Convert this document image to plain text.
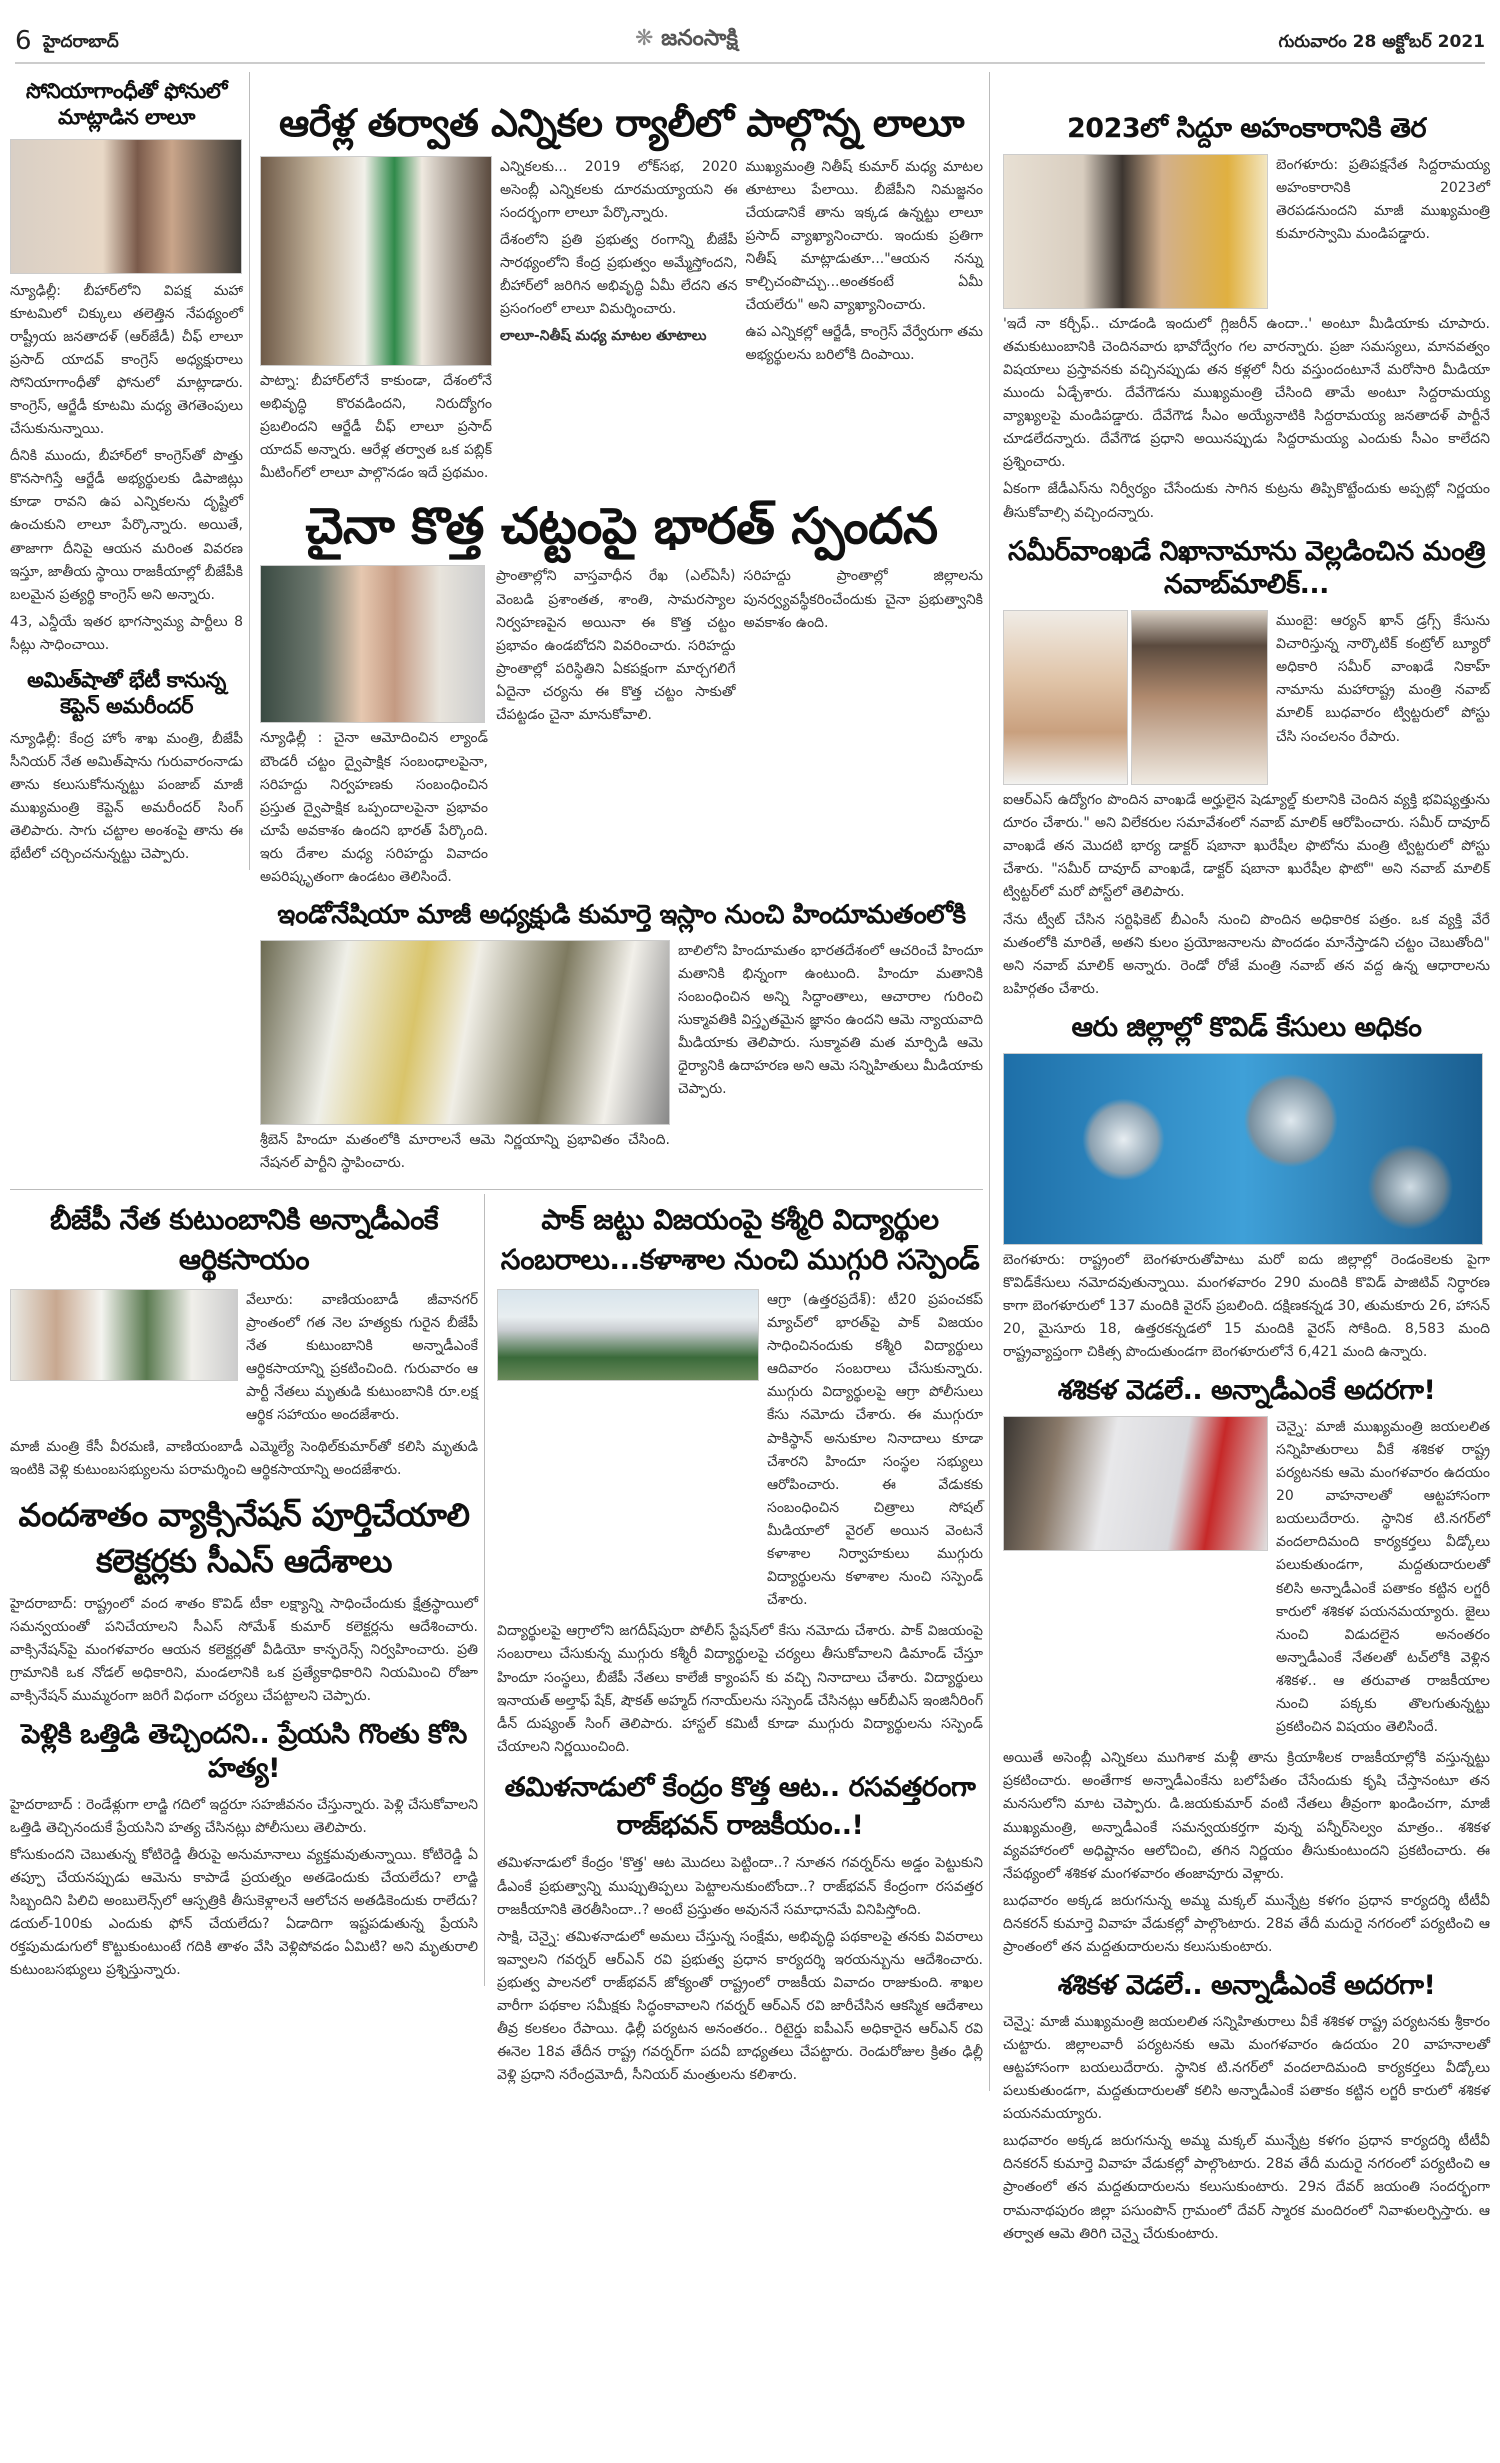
6 హైదరాబాద్	❋ జనంసాక్షి	గురువారం 28 అక్టోబర్ 2021
సోనియాగాంధీతో ఫోనులో మాట్లాడిన లాలూ

న్యూఢిల్లీ: బీహార్‌లోని విపక్ష మహా కూటమిలో చిక్కులు తలెత్తిన నేపథ్యంలో రాష్ట్రీయ జనతాదళ్ (ఆర్‌జేడీ) చీఫ్ లాలూ ప్రసాద్ యాదవ్ కాంగ్రెస్ అధ్యక్షురాలు సోనియాగాంధీతో ఫోనులో మాట్లాడారు. కాంగ్రెస్, ఆర్జేడీ కూటమి మధ్య తెగతెంపులు చేసుకునున్నాయి.

దీనికి ముందు, బీహార్‌లో కాంగ్రెస్‌తో పొత్తు కొనసాగిస్తే ఆర్జేడీ అభ్యర్థులకు డిపాజిట్లు కూడా రావని ఉప ఎన్నికలను దృష్టిలో ఉంచుకుని లాలూ పేర్కొన్నారు. అయితే, తాజాగా దీనిపై ఆయన మరింత వివరణ ఇస్తూ, జాతీయ స్థాయి రాజకీయాల్లో బీజేపీకి బలమైన ప్రత్యర్థి కాంగ్రెస్ అని అన్నారు.

43, ఎన్డీయే ఇతర భాగస్వామ్య పార్టీలు 8 సీట్లు సాధించాయి.

అమిత్‌షాతో భేటీ కానున్న కెప్టెన్ అమరీందర్

న్యూఢిల్లీ: కేంద్ర హోం శాఖ మంత్రి, బీజేపీ సీనియర్ నేత అమిత్‌షాను గురువారంనాడు తాను కలుసుకోనున్నట్టు పంజాబ్ మాజీ ముఖ్యమంత్రి కెప్టెన్ అమరీందర్ సింగ్ తెలిపారు. సాగు చట్టాల అంశంపై తాను ఈ భేటీలో చర్చించనున్నట్టు చెప్పారు.

ఆరేళ్ల తర్వాత ఎన్నికల ర్యాలీలో పాల్గొన్న లాలూ

పాట్నా: బీహార్‌లోనే కాకుండా, దేశంలోనే అభివృద్ధి కొరవడిందని, నిరుద్యోగం ప్రబలిందని ఆర్జేడీ చీఫ్ లాలూ ప్రసాద్ యాదవ్ అన్నారు. ఆరేళ్ల తర్వాత ఒక పబ్లిక్ మీటింగ్‌లో లాలూ పాల్గొనడం ఇదే ప్రథమం.

ఎన్నికలకు... 2019 లోక్‌సభ, 2020 అసెంబ్లీ ఎన్నికలకు దూరమయ్యాయని ఈ సందర్భంగా లాలూ పేర్కొన్నారు.

దేశంలోని ప్రతి ప్రభుత్వ రంగాన్ని బీజేపీ సారథ్యంలోని కేంద్ర ప్రభుత్వం అమ్మేస్తోందని, బీహార్‌లో జరిగిన అభివృద్ధి ఏమీ లేదని తన ప్రసంగంలో లాలూ విమర్శించారు.

లాలూ-నితీష్ మధ్య మాటల తూటాలు

ముఖ్యమంత్రి నితీష్ కుమార్ మధ్య మాటల తూటాలు పేలాయి. బీజేపీని నిమజ్జనం చేయడానికే తాను ఇక్కడ ఉన్నట్టు లాలూ ప్రసాద్ వ్యాఖ్యానించారు. ఇందుకు ప్రతిగా నితీష్ మాట్లాడుతూ..."ఆయన నన్ను కాల్చిచంపొచ్చు...అంతకంటే ఏమీ చేయలేరు" అని వ్యాఖ్యానించారు.

ఉప ఎన్నికల్లో ఆర్జేడీ, కాంగ్రెస్ వేర్వేరుగా తమ అభ్యర్థులను బరిలోకి దింపాయి.

చైనా కొత్త చట్టంపై భారత్ స్పందన

న్యూఢిల్లీ : చైనా ఆమోదించిన ల్యాండ్ బౌండరీ చట్టం ద్వైపాక్షిక సంబంధాలపైనా, సరిహద్దు నిర్వహణకు సంబంధించిన ప్రస్తుత ద్వైపాక్షిక ఒప్పందాలపైనా ప్రభావం చూపే అవకాశం ఉందని భారత్ పేర్కొంది. ఇరు దేశాల మధ్య సరిహద్దు వివాదం అపరిష్కృతంగా ఉండటం తెలిసిందే.

ప్రాంతాల్లోని వాస్తవాధీన రేఖ (ఎల్ఏసీ) వెంబడి ప్రశాంతత, శాంతి, సామరస్యాల నిర్వహణపైన అయినా ఈ కొత్త చట్టం ప్రభావం ఉండబోదని వివరించారు. సరిహద్దు ప్రాంతాల్లో పరిస్థితిని ఏకపక్షంగా మార్చగలిగే ఏదైనా చర్యను ఈ కొత్త చట్టం సాకుతో చేపట్టడం చైనా మానుకోవాలి.

సరిహద్దు ప్రాంతాల్లో జిల్లాలను పునర్వ్యవస్థీకరించేందుకు చైనా ప్రభుత్వానికి అవకాశం ఉంది.

ఇండోనేషియా మాజీ అధ్యక్షుడి కుమార్తె ఇస్లాం నుంచి హిందూమతంలోకి

శ్రీబెన్ హిందూ మతంలోకి మారాలనే ఆమె నిర్ణయాన్ని ప్రభావితం చేసింది. నేషనల్ పార్టీని స్థాపించారు.

బాలిలోని హిందూమతం భారతదేశంలో ఆచరించే హిందూ మతానికి భిన్నంగా ఉంటుంది. హిందూ మతానికి సంబంధించిన అన్ని సిద్ధాంతాలు, ఆచారాల గురించి సుక్మావతికి విస్తృతమైన జ్ఞానం ఉందని ఆమె న్యాయవాది మీడియాకు తెలిపారు. సుక్మావతి మత మార్పిడి ఆమె ధైర్యానికి ఉదాహరణ అని ఆమె సన్నిహితులు మీడియాకు చెప్పారు.

బీజేపీ నేత కుటుంబానికి అన్నాడీఎంకే ఆర్థికసాయం

వేలూరు: వాణియంబాడీ జీవానగర్ ప్రాంతంలో గత నెల హత్యకు గురైన బీజేపీ నేత కుటుంబానికి అన్నాడీఎంకే ఆర్థికసాయాన్ని ప్రకటించింది. గురువారం ఆ పార్టీ నేతలు మృతుడి కుటుంబానికి రూ.లక్ష ఆర్థిక సహాయం అందజేశారు.

మాజీ మంత్రి కేసీ వీరమణి, వాణియంబాడీ ఎమ్మెల్యే సెంథిల్‌కుమార్‌తో కలిసి మృతుడి ఇంటికి వెళ్లి కుటుంబసభ్యులను పరామర్శించి ఆర్థికసాయాన్ని అందజేశారు.

వందశాతం వ్యాక్సినేషన్ పూర్తిచేయాలి కలెక్టర్లకు సీఎస్ ఆదేశాలు

హైదరాబాద్: రాష్ట్రంలో వంద శాతం కొవిడ్ టీకా లక్ష్యాన్ని సాధించేందుకు క్షేత్రస్థాయిలో సమన్వయంతో పనిచేయాలని సీఎస్ సోమేశ్ కుమార్ కలెక్టర్లను ఆదేశించారు. వాక్సినేషన్‌పై మంగళవారం ఆయన కలెక్టర్లతో వీడియో కాన్ఫరెన్స్ నిర్వహించారు. ప్రతి గ్రామానికి ఒక నోడల్ అధికారిని, మండలానికి ఒక ప్రత్యేకాధికారిని నియమించి రోజూ వాక్సినేషన్ ముమ్మరంగా జరిగే విధంగా చర్యలు చేపట్టాలని చెప్పారు.

పెళ్లికి ఒత్తిడి తెచ్చిందని.. ప్రేయసి గొంతు కోసి హత్య!

హైదరాబాద్ : రెండేళ్లుగా లాడ్జి గదిలో ఇద్దరూ సహజీవనం చేస్తున్నారు. పెళ్లి చేసుకోవాలని ఒత్తిడి తెచ్చినందుకే ప్రేయసిని హత్య చేసినట్లు పోలీసులు తెలిపారు.

కోసుకుందని చెబుతున్న కోటిరెడ్డి తీరుపై అనుమానాలు వ్యక్తమవుతున్నాయి. కోటిరెడ్డి ఏ తప్పూ చేయనప్పుడు ఆమెను కాపాడే ప్రయత్నం అతడెందుకు చేయలేదు? లాడ్జి సిబ్బందిని పిలిచి అంబులెన్స్‌లో ఆస్పత్రికి తీసుకెళ్లాలనే ఆలోచన అతడికెందుకు రాలేదు? డయల్-100కు ఎందుకు ఫోన్ చేయలేదు? ఏడాదిగా ఇష్టపడుతున్న ప్రేయసి రక్తపుమడుగులో కొట్టుకుంటుంటే గదికి తాళం వేసి వెళ్లిపోవడం ఏమిటి? అని మృతురాలి కుటుంబసభ్యులు ప్రశ్నిస్తున్నారు.

పాక్ జట్టు విజయంపై కశ్మీరి విద్యార్థుల సంబరాలు...కళాశాల నుంచి ముగ్గురి సస్పెండ్

ఆగ్రా (ఉత్తరప్రదేశ్): టీ20 ప్రపంచకప్ మ్యాచ్‌లో భారత్‌పై పాక్ విజయం సాధించినందుకు కశ్మీరి విద్యార్థులు ఆదివారం సంబరాలు చేసుకున్నారు. ముగ్గురు విద్యార్థులపై ఆగ్రా పోలీసులు కేసు నమోదు చేశారు. ఈ ముగ్గురూ పాకిస్థాన్ అనుకూల నినాదాలు కూడా చేశారని హిందూ సంస్థల సభ్యులు ఆరోపించారు. ఈ వేడుకకు సంబంధించిన చిత్రాలు సోషల్ మీడియాలో వైరల్ అయిన వెంటనే కళాశాల నిర్వాహకులు ముగ్గురు విద్యార్థులను కళాశాల నుంచి సస్పెండ్ చేశారు.

విద్యార్థులపై ఆగ్రాలోని జగదీష్‌పురా పోలీస్ స్టేషన్‌లో కేసు నమోదు చేశారు. పాక్ విజయంపై సంబరాలు చేసుకున్న ముగ్గురు కశ్మీరీ విద్యార్థులపై చర్యలు తీసుకోవాలని డిమాండ్ చేస్తూ హిందూ సంస్థలు, బీజేపీ నేతలు కాలేజీ క్యాంపస్ కు వచ్చి నినాదాలు చేశారు. విద్యార్థులు ఇనాయత్ అల్తాఫ్ షేక్, షౌకత్ అహ్మద్ గనాయ్‌లను సస్పెండ్ చేసినట్లు ఆర్‌బీఎస్ ఇంజినీరింగ్ డీన్ దుష్యంత్ సింగ్ తెలిపారు. హాస్టల్ కమిటీ కూడా ముగ్గురు విద్యార్థులను సస్పెండ్ చేయాలని నిర్ణయించింది.

తమిళనాడులో కేంద్రం కొత్త ఆట.. రసవత్తరంగా రాజ్‌భవన్ రాజకీయం..!

తమిళనాడులో కేంద్రం 'కొత్త' ఆట మొదలు పెట్టిందా..? నూతన గవర్నర్‌ను అడ్డం పెట్టుకుని డీఎంకే ప్రభుత్వాన్ని ముప్పుతిప్పలు పెట్టాలనుకుంటోందా..? రాజ్‌భవన్ కేంద్రంగా రసవత్తర రాజకీయానికి తెరతీసిందా..? అంటే ప్రస్తుతం అవుననే సమాధానమే వినిపిస్తోంది.

సాక్షి, చెన్నై: తమిళనాడులో అమలు చేస్తున్న సంక్షేమ, అభివృద్ధి పథకాలపై తనకు వివరాలు ఇవ్వాలని గవర్నర్ ఆర్‌ఎన్ రవి ప్రభుత్వ ప్రధాన కార్యదర్శి ఇరయన్బును ఆదేశించారు. ప్రభుత్వ పాలనలో రాజ్‌భవన్ జోక్యంతో రాష్ట్రంలో రాజకీయ వివాదం రాజుకుంది. శాఖల వారీగా పథకాల సమీక్షకు సిద్ధంకావాలని గవర్నర్ ఆర్‌ఎన్ రవి జారీచేసిన ఆకస్మిక ఆదేశాలు తీవ్ర కలకలం రేపాయి. ఢిల్లీ పర్యటన అనంతరం.. రిటైర్డు ఐపీఎస్ అధికారైన ఆర్‌ఎన్ రవి ఈనెల 18వ తేదీన రాష్ట్ర గవర్నర్‌గా పదవీ బాధ్యతలు చేపట్టారు. రెండురోజుల క్రితం ఢిల్లీ వెళ్లి ప్రధాని నరేంద్రమోదీ, సీనియర్ మంత్రులను కలిశారు.

2023లో సిద్దూ అహంకారానికి తెర

బెంగళూరు: ప్రతిపక్షనేత సిద్దరామయ్య అహంకారానికి 2023లో తెరపడనుందని మాజీ ముఖ్యమంత్రి కుమారస్వామి మండిపడ్డారు.

'ఇదే నా కర్చీఫ్.. చూడండి ఇందులో గ్లిజరీన్ ఉందా..' అంటూ మీడియాకు చూపారు. తమకుటుంబానికి చెందినవారు భావోద్వేగం గల వారన్నారు. ప్రజా సమస్యలు, మానవత్వం విషయాలు ప్రస్తావనకు వచ్చినప్పుడు తన కళ్లలో నీరు వస్తుందంటూనే మరోసారి మీడియా ముందు ఏడ్చేశారు. దేవేగౌడను ముఖ్యమంత్రి చేసింది తామే అంటూ సిద్దరామయ్య వ్యాఖ్యలపై మండిపడ్డారు. దేవేగౌడ సీఎం అయ్యేనాటికి సిద్దరామయ్య జనతాదళ్ పార్టీనే చూడలేదన్నారు. దేవేగౌడ ప్రధాని అయినప్పుడు సిద్దరామయ్య ఎందుకు సీఎం కాలేదని ప్రశ్నించారు.

ఏకంగా జేడీఎస్‌ను నిర్వీర్యం చేసేందుకు సాగిన కుట్రను తిప్పికొట్టేందుకు అప్పట్లో నిర్ణయం తీసుకోవాల్సి వచ్చిందన్నారు.

సమీర్‌వాంఖడే నిఖానామాను వెల్లడించిన మంత్రి నవాబ్‌మాలిక్...

ముంబై: ఆర్యన్ ఖాన్ డ్రగ్స్ కేసును విచారిస్తున్న నార్కొటిక్ కంట్రోల్ బ్యూరో అధికారి సమీర్ వాంఖడే నికాహ్ నామాను మహారాష్ట్ర మంత్రి నవాబ్ మాలిక్ బుధవారం ట్విట్టరులో పోస్టు చేసి సంచలనం రేపారు.

ఐఆర్ఎస్ ఉద్యోగం పొందిన వాంఖడే అర్హులైన షెడ్యూల్డ్ కులానికి చెందిన వ్యక్తి భవిష్యత్తును దూరం చేశారు." అని విలేకరుల సమావేశంలో నవాబ్ మాలిక్ ఆరోపించారు. సమీర్ దావూద్ వాంఖడే తన మొదటి భార్య డాక్టర్ షబానా ఖురేషీల ఫొటోను మంత్రి ట్విట్టరులో పోస్టు చేశారు. "సమీర్ దావూద్ వాంఖడే, డాక్టర్ షబానా ఖురేషీల ఫొటో" అని నవాబ్ మాలిక్ ట్విట్టర్‌లో మరో పోస్ట్‌లో తెలిపారు.

నేను ట్వీట్ చేసిన సర్టిఫికెట్ బీఎంసీ నుంచి పొందిన అధికారిక పత్రం. ఒక వ్యక్తి వేరే మతంలోకి మారితే, అతని కులం ప్రయోజనాలను పొందడం మానేస్తాడని చట్టం చెబుతోంది" అని నవాబ్ మాలిక్ అన్నారు. రెండో రోజే మంత్రి నవాబ్ తన వద్ద ఉన్న ఆధారాలను బహిర్గతం చేశారు.

ఆరు జిల్లాల్లో కొవిడ్ కేసులు అధికం

బెంగళూరు: రాష్ట్రంలో బెంగళూరుతోపాటు మరో ఐదు జిల్లాల్లో రెండంకెలకు పైగా కొవిడ్‌కేసులు నమోదవుతున్నాయి. మంగళవారం 290 మందికి కొవిడ్ పాజిటివ్ నిర్ధారణ కాగా బెంగళూరులో 137 మందికి వైరస్ ప్రబలింది. దక్షిణకన్నడ 30, తుమకూరు 26, హాసన్ 20, మైసూరు 18, ఉత్తరకన్నడలో 15 మందికి వైరస్ సోకింది. 8,583 మంది రాష్ట్రవ్యాప్తంగా చికిత్స పొందుతుండగా బెంగళూరులోనే 6,421 మంది ఉన్నారు.

శశికళ వెడలే.. అన్నాడీఎంకే అదరగా!

చెన్నై: మాజీ ముఖ్యమంత్రి జయలలిత సన్నిహితురాలు వీకే శశికళ రాష్ట్ర పర్యటనకు ఆమె మంగళవారం ఉదయం 20 వాహనాలతో ఆట్టహాసంగా బయలుదేరారు. స్థానిక టి.నగర్‌లో వందలాదిమంది కార్యకర్తలు వీడ్కోలు పలుకుతుండగా, మద్దతుదారులతో కలిసి అన్నాడీఎంకే పతాకం కట్టిన లగ్జరీ కారులో శశికళ పయనమయ్యారు. జైలు నుంచి విడుదలైన అనంతరం అన్నాడీఎంకే నేతలతో టచ్‌లోకి వెళ్లిన శశికళ.. ఆ తరువాత రాజకీయాల నుంచి పక్కకు తొలగుతున్నట్టు ప్రకటించిన విషయం తెలిసిందే.

అయితే అసెంబ్లీ ఎన్నికలు ముగిశాక మళ్లీ తాను క్రియాశీలక రాజకీయాల్లోకి వస్తున్నట్టు ప్రకటించారు. అంతేగాక అన్నాడీఎంకేను బలోపేతం చేసేందుకు కృషి చేస్తానంటూ తన మనసులోని మాట చెప్పారు. డి.జయకుమార్ వంటి నేతలు తీవ్రంగా ఖండించగా, మాజీ ముఖ్యమంత్రి, అన్నాడీఎంకే సమన్వయకర్తగా వున్న పన్నీర్‌సెల్వం మాత్రం.. శశికళ వ్యవహారంలో అధిష్టానం ఆలోచించి, తగిన నిర్ణయం తీసుకుంటుందని ప్రకటించారు. ఈ నేపథ్యంలో శశికళ మంగళవారం తంజావూరు వెళ్లారు.

బుధవారం అక్కడ జరుగనున్న అమ్మ మక్కల్ మున్నేట్ర కళగం ప్రధాన కార్యదర్శి టీటీవీ దినకరన్ కుమార్తె వివాహ వేడుకల్లో పాల్గొంటారు. 28వ తేదీ మదురై నగరంలో పర్యటించి ఆ ప్రాంతంలో తన మద్దతుదారులను కలుసుకుంటారు.

శశికళ వెడలే.. అన్నాడీఎంకే అదరగా!

చెన్నై: మాజీ ముఖ్యమంత్రి జయలలిత సన్నిహితురాలు వీకే శశికళ రాష్ట్ర పర్యటనకు శ్రీకారం చుట్టారు. జిల్లాలవారీ పర్యటనకు ఆమె మంగళవారం ఉదయం 20 వాహనాలతో ఆట్టహాసంగా బయలుదేరారు. స్థానిక టి.నగర్‌లో వందలాదిమంది కార్యకర్తలు వీడ్కోలు పలుకుతుండగా, మద్దతుదారులతో కలిసి అన్నాడీఎంకే పతాకం కట్టిన లగ్జరీ కారులో శశికళ పయనమయ్యారు.

బుధవారం అక్కడ జరుగనున్న అమ్మ మక్కల్ మున్నేట్ర కళగం ప్రధాన కార్యదర్శి టీటీవీ దినకరన్ కుమార్తె వివాహ వేడుకల్లో పాల్గొంటారు. 28వ తేదీ మదురై నగరంలో పర్యటించి ఆ ప్రాంతంలో తన మద్దతుదారులను కలుసుకుంటారు. 29న దేవర్ జయంతి సందర్భంగా రామనాథపురం జిల్లా పసుంపొన్ గ్రామంలో దేవర్ స్మారక మందిరంలో నివాళులర్పిస్తారు. ఆ తర్వాత ఆమె తిరిగి చెన్నై చేరుకుంటారు.
